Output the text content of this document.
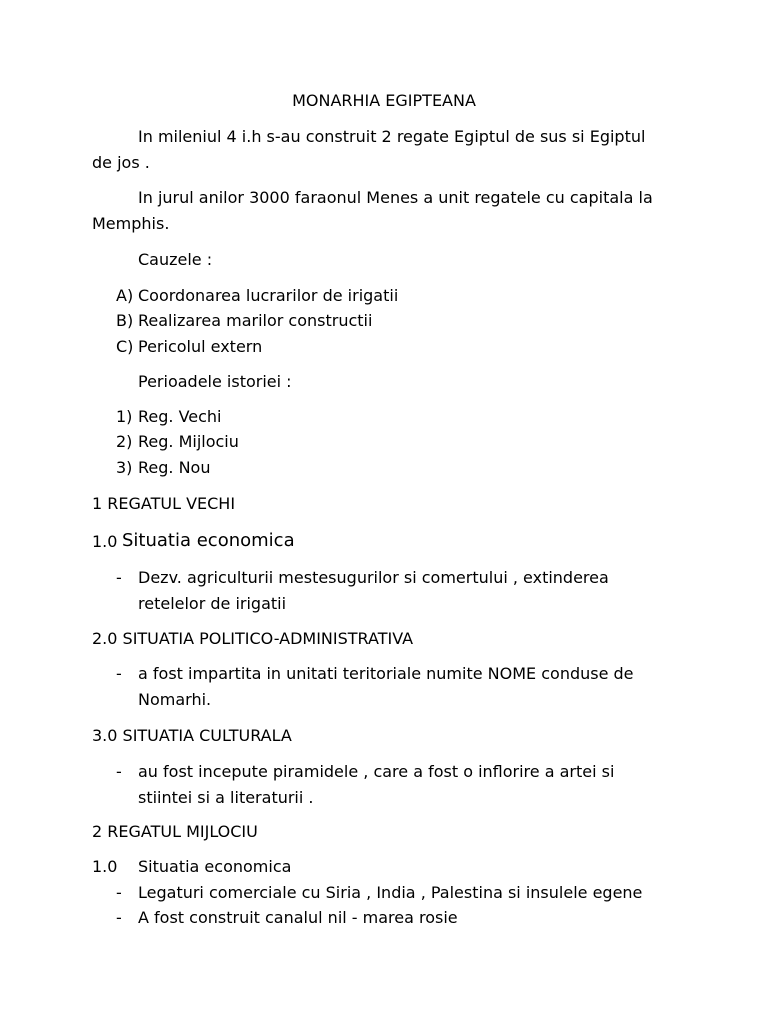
MONARHIA EGIPTEANA
In mileniul 4 i.h s-au construit 2 regate Egiptul de sus si Egiptul
de jos .
In jurul anilor 3000 faraonul Menes a unit regatele cu capitala la
Memphis.
Cauzele :
A) Coordonarea lucrarilor de irigatii
B) Realizarea marilor constructii
C) Pericolul extern
Perioadele istoriei :
1) Reg. Vechi
2) Reg. Mijlociu
3) Reg. Nou
1 REGATUL VECHI
1.0 Situatia economica
- Dezv. agriculturii mestesugurilor si comertului , extinderea
retelelor de irigatii
2.0 SITUATIA POLITICO-ADMINISTRATIVA
- a fost impartita in unitati teritoriale numite NOME conduse de
Nomarhi.
3.0 SITUATIA CULTURALA
- au fost incepute piramidele , care a fost o inflorire a artei si
stiintei si a literaturii .
2 REGATUL MIJLOCIU
1.0 Situatia economica
- Legaturi comerciale cu Siria , India , Palestina si insulele egene
- A fost construit canalul nil - marea rosie
